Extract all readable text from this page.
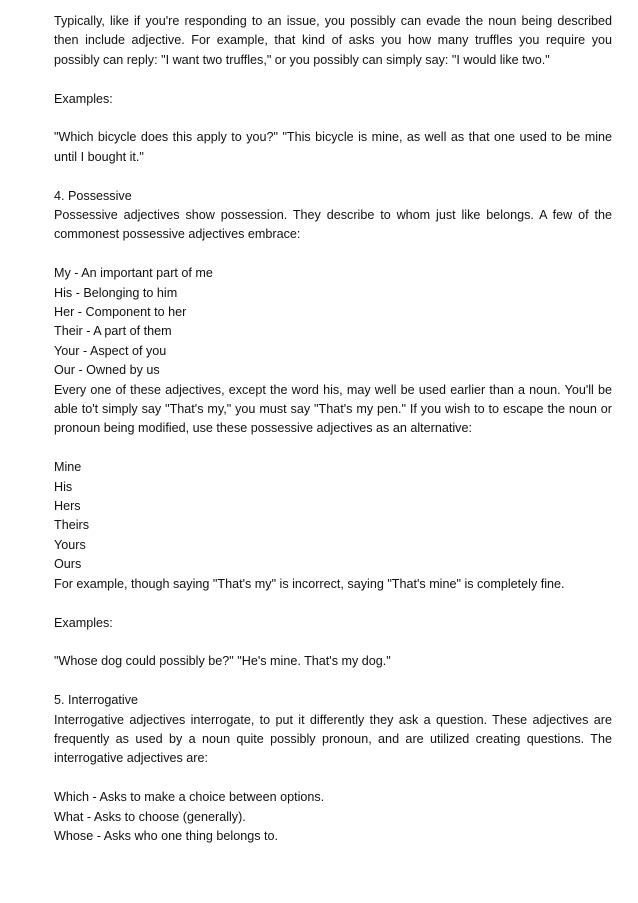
Typically, like if you're responding to an issue, you possibly can evade the noun being described then include adjective. For example, that kind of asks you how many truffles you require you possibly can reply: "I want two truffles," or you possibly can simply say: "I would like two."

Examples:

"Which bicycle does this apply to you?" "This bicycle is mine, as well as that one used to be mine until I bought it."

4. Possessive

Possessive adjectives show possession. They describe to whom just like belongs. A few of the commonest possessive adjectives embrace:

My - An important part of me

His - Belonging to him

Her - Component to her

Their - A part of them

Your - Aspect of you

Our - Owned by us

Every one of these adjectives, except the word his, may well be used earlier than a noun. You'll be able to't simply say "That's my," you must say "That's my pen." If you wish to to escape the noun or pronoun being modified, use these possessive adjectives as an alternative:

Mine

His

Hers

Theirs

Yours

Ours

For example, though saying "That's my" is incorrect, saying "That's mine" is completely fine.

Examples:

"Whose dog could possibly be?" "He's mine. That's my dog."

5. Interrogative

Interrogative adjectives interrogate, to put it differently they ask a question. These adjectives are frequently as used by a noun quite possibly pronoun, and are utilized creating questions. The interrogative adjectives are:

Which - Asks to make a choice between options.

What - Asks to choose (generally).

Whose - Asks who one thing belongs to.
